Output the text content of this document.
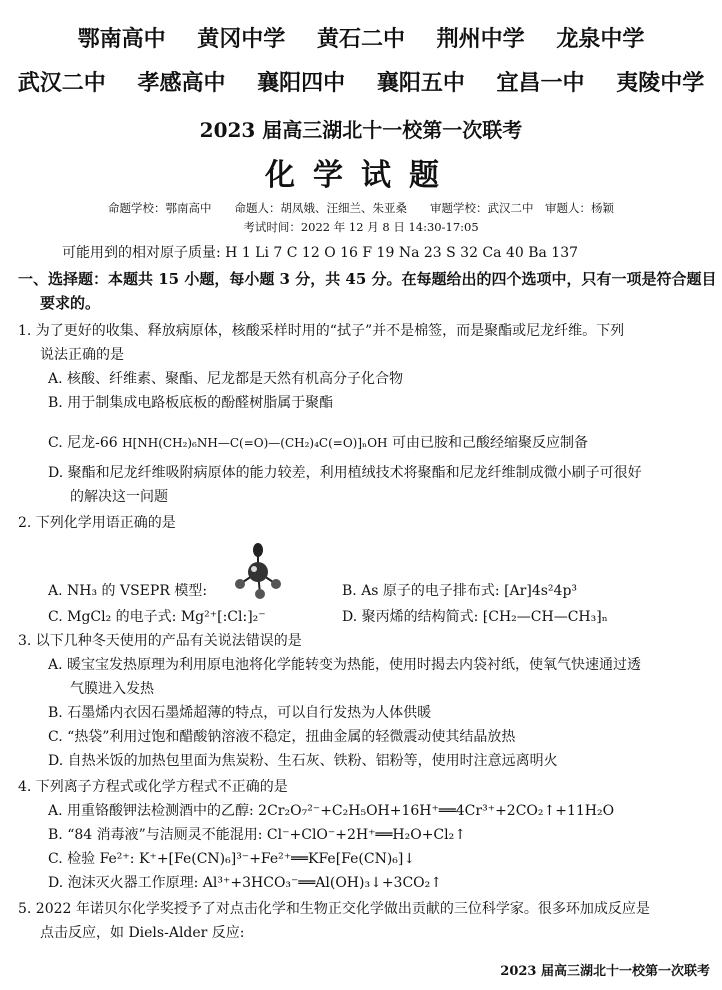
鄂南高中 黄冈中学 黄石二中 荆州中学 龙泉中学
武汉二中 孝感高中 襄阳四中 襄阳五中 宜昌一中 夷陵中学
2023 届高三湖北十一校第一次联考
化学试题
命题学校：鄂南高中　　命题人：胡凤娥、汪细兰、朱亚桑　　审题学校：武汉二中　审题人：杨颖
考试时间：2022 年 12 月 8 日 14:30-17:05
可能用到的相对原子质量: H 1 Li 7 C 12 O 16 F 19 Na 23 S 32 Ca 40 Ba 137
一、选择题：本题共 15 小题，每小题 3 分，共 45 分。在每题给出的四个选项中，只有一项是符合题目
要求的。
1. 为了更好的收集、释放病原体，核酸采样时用的“拭子”并不是棉签，而是聚酯或尼龙纤维。下列
说法正确的是
A. 核酸、纤维素、聚酯、尼龙都是天然有机高分子化合物
B. 用于制集成电路板底板的酚醛树脂属于聚酯
C. 尼龙-66 H[NH(CH₂)₆NH—C(=O)—(CH₂)₄C(=O)]ₙOH 可由已胺和己酸经缩聚反应制备
D. 聚酯和尼龙纤维吸附病原体的能力较差，利用植绒技术将聚酯和尼龙纤维制成微小刷子可很好
的解决这一问题
2. 下列化学用语正确的是
A. NH₃ 的 VSEPR 模型:	B. As 原子的电子排布式: [Ar]4s²4p³
C. MgCl₂ 的电子式: Mg²⁺[:Cl:]₂⁻	D. 聚丙烯的结构简式: ⁅CH₂—CH—CH₃⁆ₙ
3. 以下几种冬天使用的产品有关说法错误的是
A. 暖宝宝发热原理为利用原电池将化学能转变为热能，使用时揭去内袋衬纸，使氧气快速通过透
气膜进入发热
B. 石墨烯内衣因石墨烯超薄的特点，可以自行发热为人体供暖
C. “热袋”利用过饱和醋酸钠溶液不稳定，扭曲金属的轻微震动使其结晶放热
D. 自热米饭的加热包里面为焦炭粉、生石灰、铁粉、铝粉等，使用时注意远离明火
4. 下列离子方程式或化学方程式不正确的是
A. 用重铬酸钾法检测酒中的乙醇: 2Cr₂O₇²⁻+C₂H₅OH+16H⁺══4Cr³⁺+2CO₂↑+11H₂O
B. “84 消毒液”与洁厕灵不能混用: Cl⁻+ClO⁻+2H⁺══H₂O+Cl₂↑
C. 检验 Fe²⁺: K⁺+[Fe(CN)₆]³⁻+Fe²⁺══KFe[Fe(CN)₆]↓
D. 泡沫灭火器工作原理: Al³⁺+3HCO₃⁻══Al(OH)₃↓+3CO₂↑
5. 2022 年诺贝尔化学奖授予了对点击化学和生物正交化学做出贡献的三位科学家。很多环加成反应是
点击反应，如 Diels-Alder 反应:
2023 届高三湖北十一校第一次联考
